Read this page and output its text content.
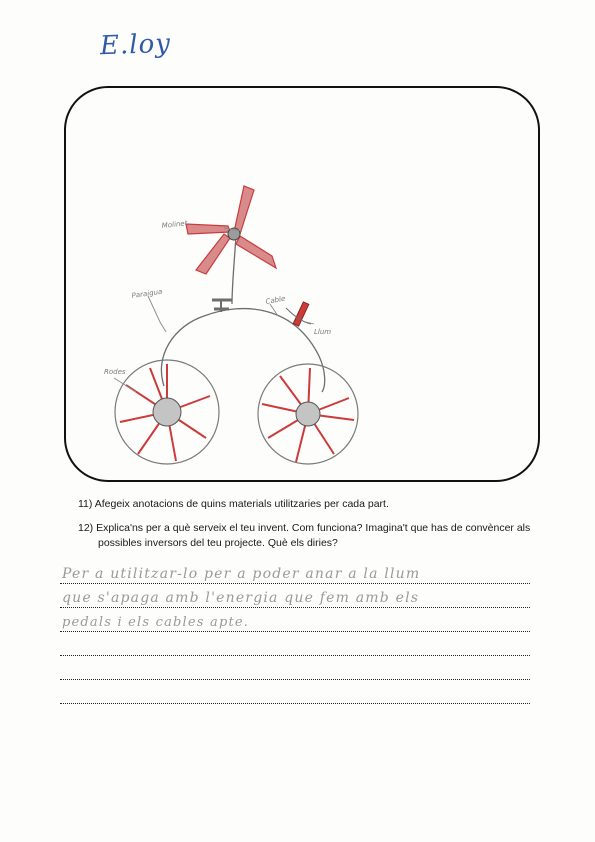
E.loy
Molinet
Paraigua
Rodes
Cable
Llum
11) Afegeix anotacions de quins materials utilitzaries per cada part.
12) Explica'ns per a què serveix el teu invent. Com funciona? Imagina't que has de convèncer als
possibles inversors del teu projecte. Què els diries?
Per a utilitzar-lo per a poder anar a la llum
que s'apaga amb l'energia que fem amb els
pedals i els cables apte.
